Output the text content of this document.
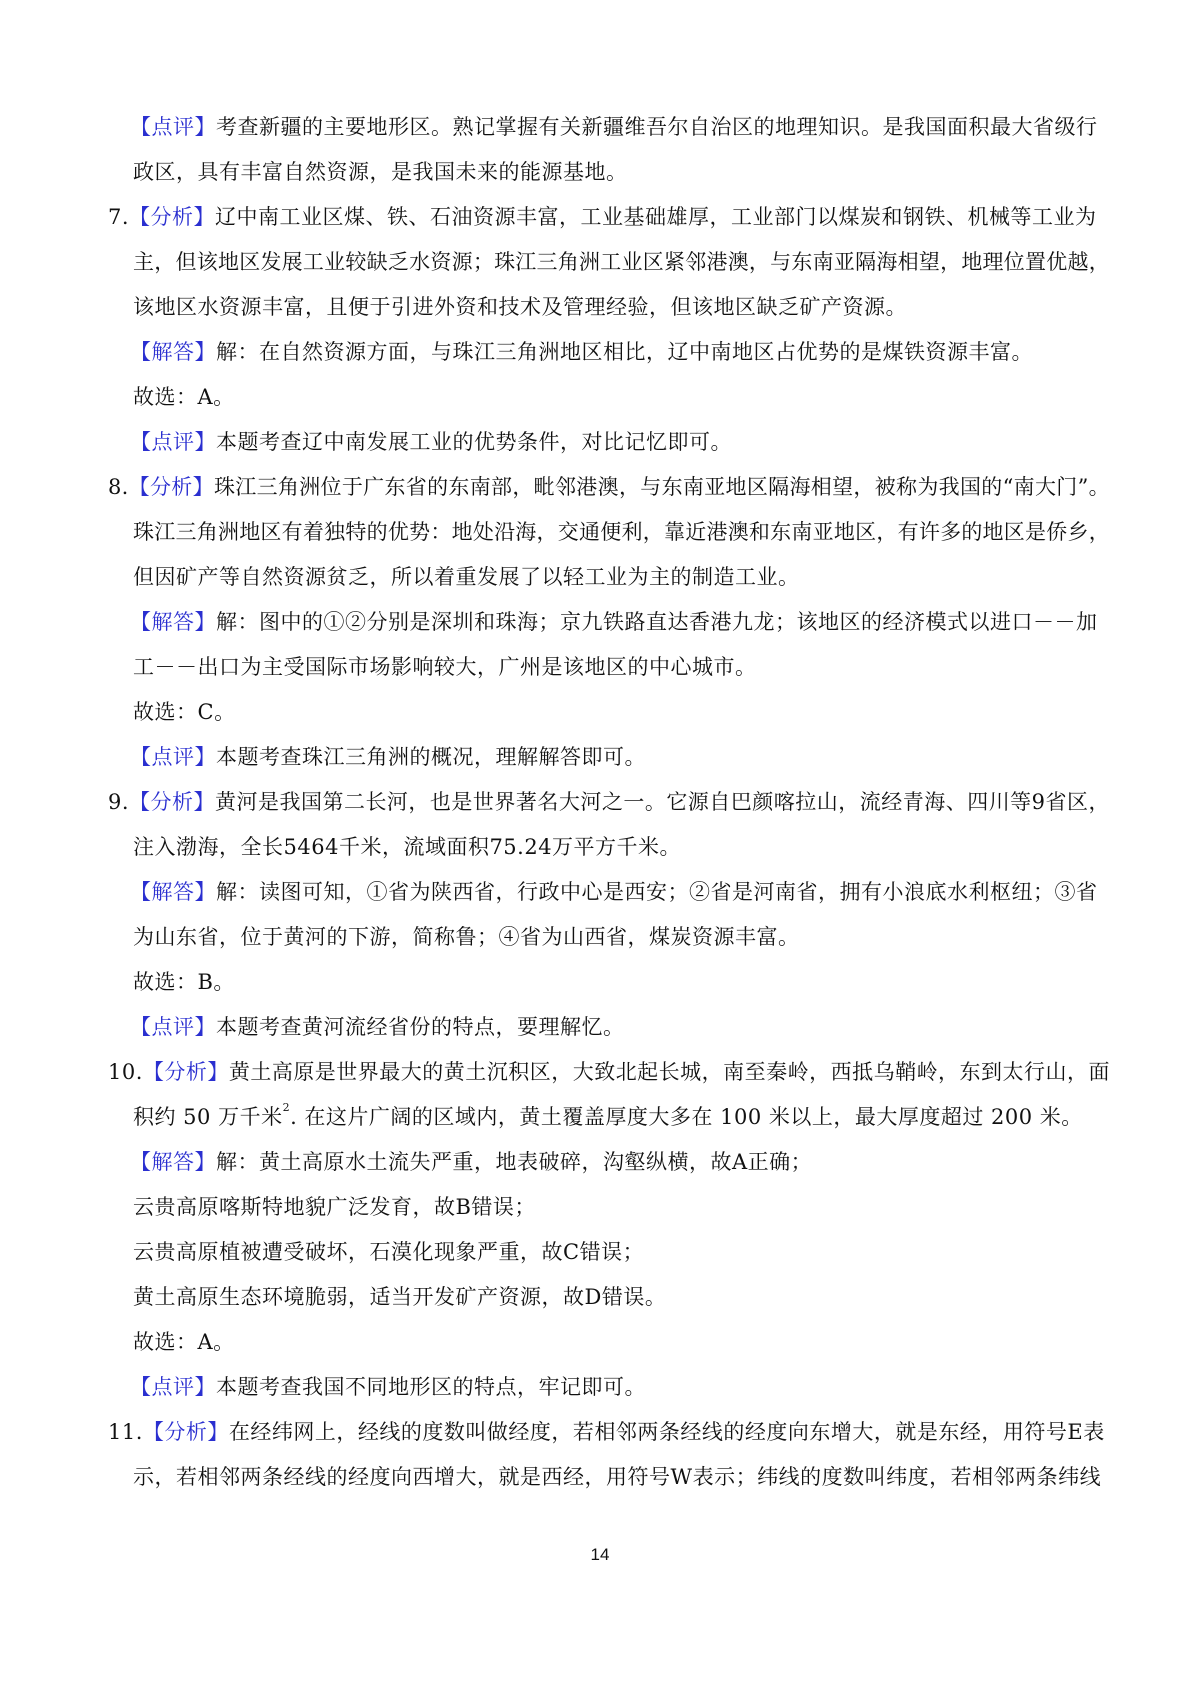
【点评】考查新疆的主要地形区。熟记掌握有关新疆维吾尔自治区的地理知识。是我国面积最大省级行
政区，具有丰富自然资源，是我国未来的能源基地。
7.【分析】辽中南工业区煤、铁、石油资源丰富，工业基础雄厚，工业部门以煤炭和钢铁、机械等工业为
主，但该地区发展工业较缺乏水资源；珠江三角洲工业区紧邻港澳，与东南亚隔海相望，地理位置优越，
该地区水资源丰富，且便于引进外资和技术及管理经验，但该地区缺乏矿产资源。
【解答】解：在自然资源方面，与珠江三角洲地区相比，辽中南地区占优势的是煤铁资源丰富。
故选：A。
【点评】本题考查辽中南发展工业的优势条件，对比记忆即可。
8.【分析】珠江三角洲位于广东省的东南部，毗邻港澳，与东南亚地区隔海相望，被称为我国的“南大门”。
珠江三角洲地区有着独特的优势：地处沿海，交通便利，靠近港澳和东南亚地区，有许多的地区是侨乡，
但因矿产等自然资源贫乏，所以着重发展了以轻工业为主的制造工业。
【解答】解：图中的①②分别是深圳和珠海；京九铁路直达香港九龙；该地区的经济模式以进口－－加
工－－出口为主受国际市场影响较大，广州是该地区的中心城市。
故选：C。
【点评】本题考查珠江三角洲的概况，理解解答即可。
9.【分析】黄河是我国第二长河，也是世界著名大河之一。它源自巴颜喀拉山，流经青海、四川等9省区，
注入渤海，全长5464千米，流域面积75.24万平方千米。
【解答】解：读图可知，①省为陕西省，行政中心是西安；②省是河南省，拥有小浪底水利枢纽；③省
为山东省，位于黄河的下游，简称鲁；④省为山西省，煤炭资源丰富。
故选：B。
【点评】本题考查黄河流经省份的特点，要理解忆。
10.【分析】黄土高原是世界最大的黄土沉积区，大致北起长城，南至秦岭，西抵乌鞘岭，东到太行山，面
积约 50 万千米$^2$. 在这片广阔的区域内，黄土覆盖厚度大多在 100 米以上，最大厚度超过 200 米。
【解答】解：黄土高原水土流失严重，地表破碎，沟壑纵横，故A正确；
云贵高原喀斯特地貌广泛发育，故B错误；
云贵高原植被遭受破坏，石漠化现象严重，故C错误；
黄土高原生态环境脆弱，适当开发矿产资源，故D错误。
故选：A。
【点评】本题考查我国不同地形区的特点，牢记即可。
11.【分析】在经纬网上，经线的度数叫做经度，若相邻两条经线的经度向东增大，就是东经，用符号E表
示，若相邻两条经线的经度向西增大，就是西经，用符号W表示；纬线的度数叫纬度，若相邻两条纬线
14
